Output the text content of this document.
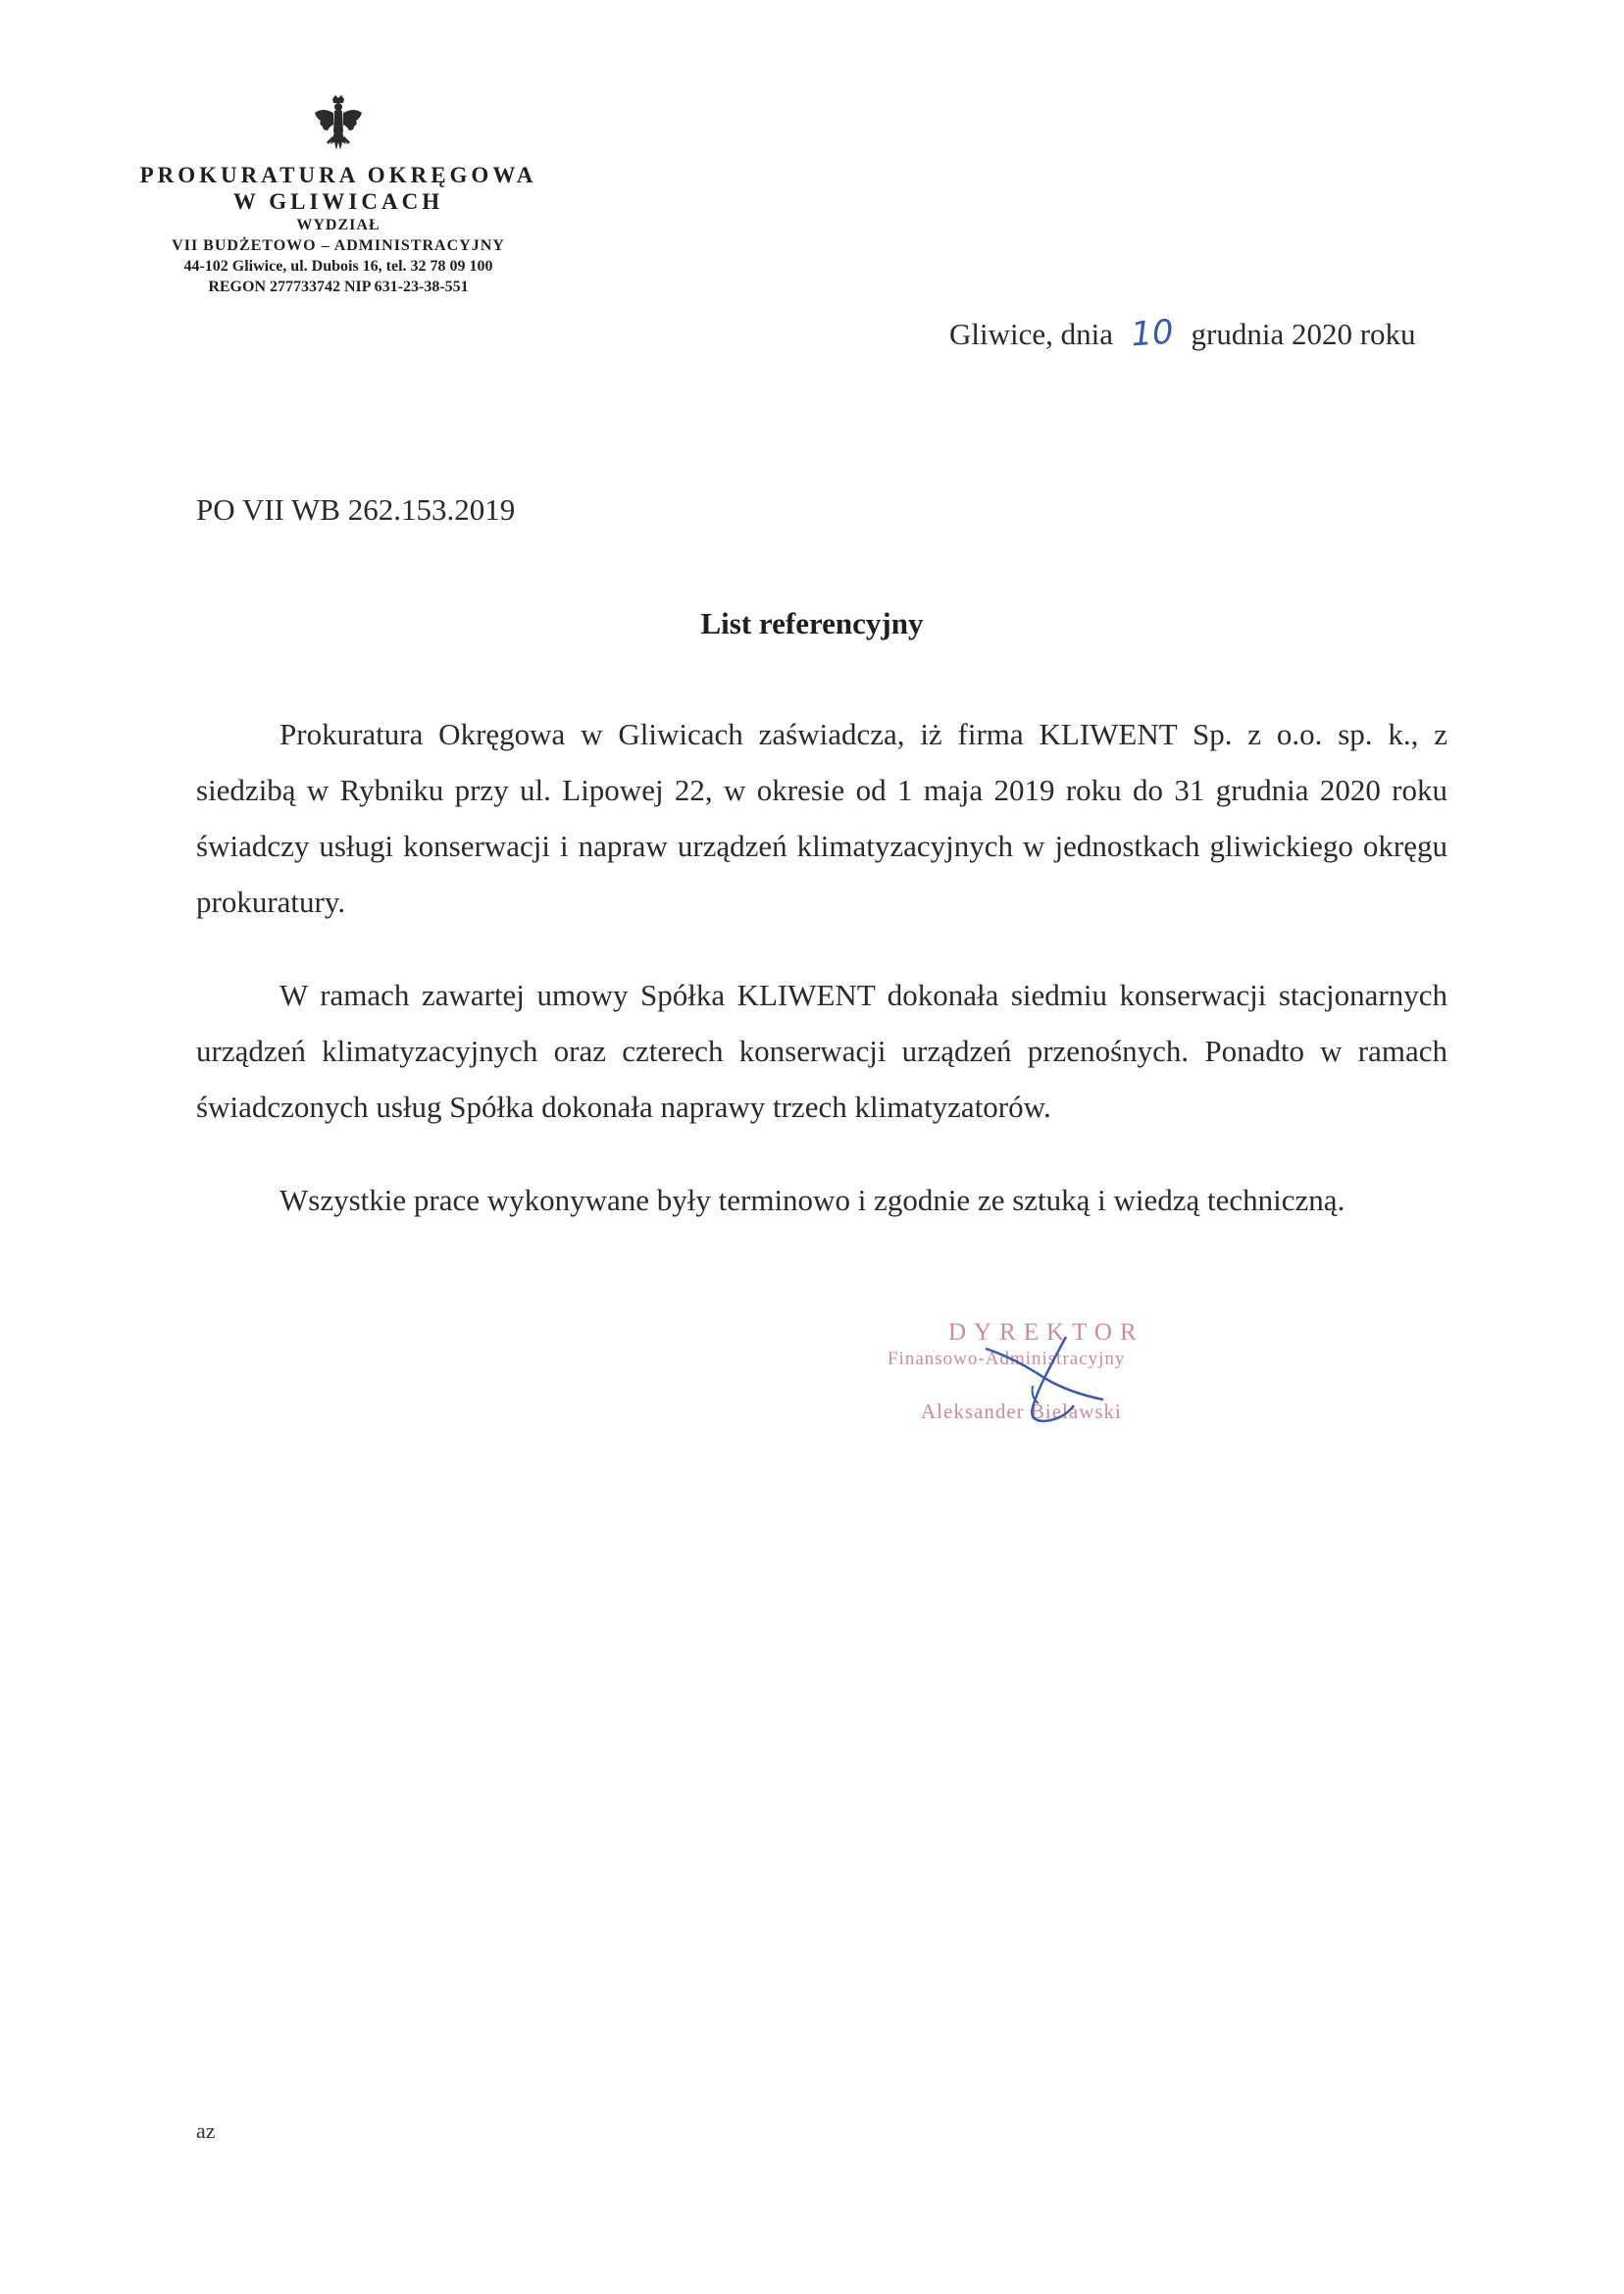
PROKURATURA OKRĘGOWA
W GLIWICACH
WYDZIAŁ
VII BUDŻETOWO – ADMINISTRACYJNY
44-102 Gliwice, ul. Dubois 16, tel. 32 78 09 100
REGON 277733742 NIP 631-23-38-551
Gliwice, dnia 10 grudnia 2020 roku
PO VII WB 262.153.2019
List referencyjny

Prokuratura Okręgowa w Gliwicach zaświadcza, iż firma KLIWENT Sp. z o.o. sp. k., z siedzibą w Rybniku przy ul. Lipowej 22, w okresie od 1 maja 2019 roku do 31 grudnia 2020 roku świadczy usługi konserwacji i napraw urządzeń klimatyzacyjnych w jednostkach gliwickiego okręgu prokuratury.

W ramach zawartej umowy Spółka KLIWENT dokonała siedmiu konserwacji stacjonarnych urządzeń klimatyzacyjnych oraz czterech konserwacji urządzeń przenośnych. Ponadto w ramach świadczonych usług Spółka dokonała naprawy trzech klimatyzatorów.

Wszystkie prace wykonywane były terminowo i zgodnie ze sztuką i wiedzą techniczną.

DYREKTOR
Finansowo-Administracyjny
Aleksander Bielawski
az
